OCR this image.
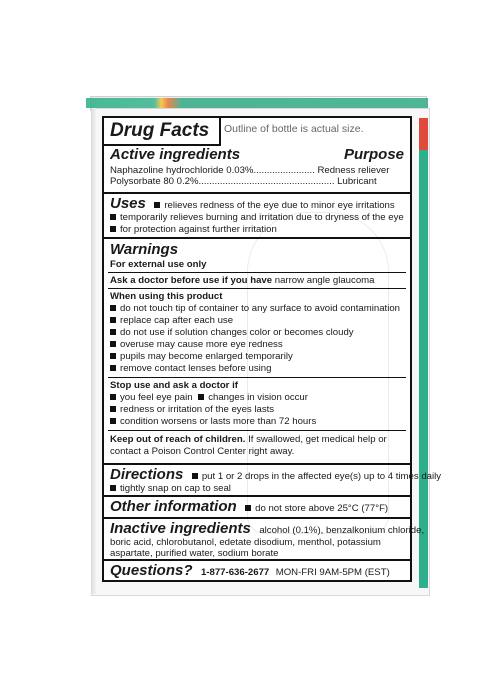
Drug Facts	Outline of bottle is actual size.
Active ingredients	Purpose
Naphazoline hydrochloride 0.03%....................... Redness reliever
Polysorbate 80 0.2%................................................... Lubricant
Uses relieves redness of the eye due to minor eye irritations
temporarily relieves burning and irritation due to dryness of the eye
for protection against further irritation
Warnings
For external use only
Ask a doctor before use if you have narrow angle glaucoma
When using this product
do not touch tip of container to any surface to avoid contamination
replace cap after each use
do not use if solution changes color or becomes cloudy
overuse may cause more eye redness
pupils may become enlarged temporarily
remove contact lenses before using
Stop use and ask a doctor if
you feel eye pain changes in vision occur
redness or irritation of the eyes lasts
condition worsens or lasts more than 72 hours
Keep out of reach of children. If swallowed, get medical help or
contact a Poison Control Center right away.
Directions put 1 or 2 drops in the affected eye(s) up to 4 times daily
tightly snap on cap to seal
Other information do not store above 25°C (77°F)
Inactive ingredients alcohol (0.1%), benzalkonium chloride,
boric acid, chlorobutanol, edetate disodium, menthol, potassium
aspartate, purified water, sodium borate
Questions? 1-877-636-2677 MON-FRI 9AM-5PM (EST)
